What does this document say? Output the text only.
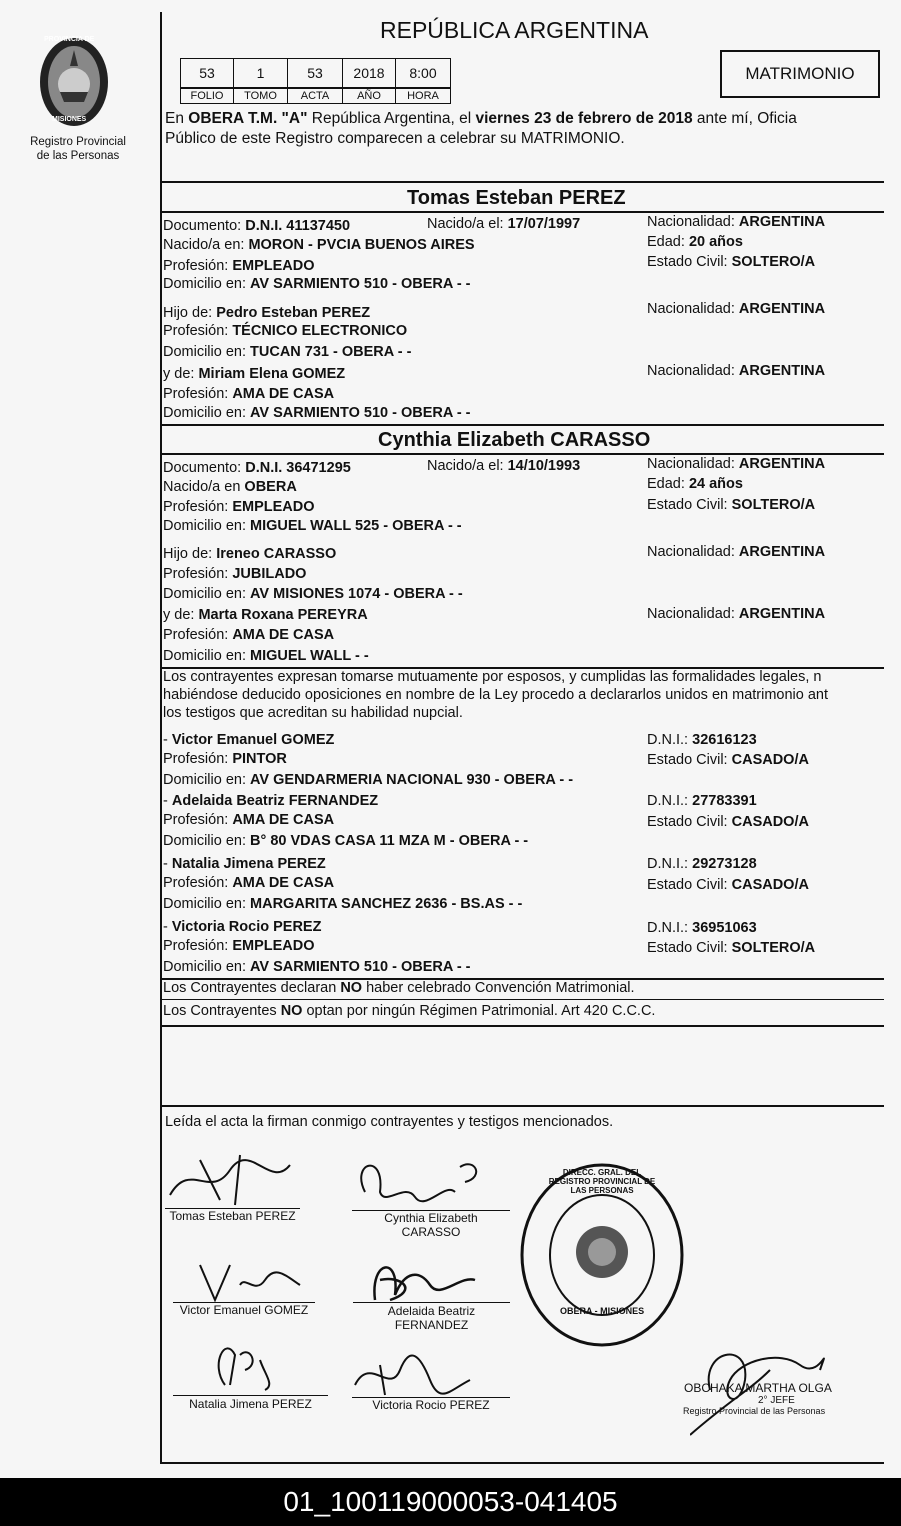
PROVINCIA DE
MISIONES
Registro Provincial
de las Personas
REPÚBLICA ARGENTINA
53	1	53	2018	8:00
FOLIO	TOMO	ACTA	AÑO	HORA
MATRIMONIO
En OBERA T.M. "A" República Argentina, el viernes 23 de febrero de 2018 ante mí, Oficia
Público de este Registro comparecen a celebrar su MATRIMONIO.
Tomas Esteban PEREZ
Documento: D.N.I. 41137450	Nacido/a el: 17/07/1997	Nacionalidad: ARGENTINA
Nacido/a en: MORON - PVCIA BUENOS AIRES	Edad: 20 años
Profesión: EMPLEADO	Estado Civil: SOLTERO/A
Domicilio en: AV SARMIENTO 510 - OBERA - -
Hijo de: Pedro Esteban PEREZ	Nacionalidad: ARGENTINA
Profesión: TÉCNICO ELECTRONICO
Domicilio en: TUCAN 731 - OBERA - -
y de: Miriam Elena GOMEZ	Nacionalidad: ARGENTINA
Profesión: AMA DE CASA
Domicilio en: AV SARMIENTO 510 - OBERA - -
Cynthia Elizabeth CARASSO
Documento: D.N.I. 36471295	Nacido/a el: 14/10/1993	Nacionalidad: ARGENTINA
Nacido/a en OBERA	Edad: 24 años
Profesión: EMPLEADO	Estado Civil: SOLTERO/A
Domicilio en: MIGUEL WALL 525 - OBERA - -
Hijo de: Ireneo CARASSO	Nacionalidad: ARGENTINA
Profesión: JUBILADO
Domicilio en: AV MISIONES 1074 - OBERA - -
y de: Marta Roxana PEREYRA	Nacionalidad: ARGENTINA
Profesión: AMA DE CASA
Domicilio en: MIGUEL WALL - -
Los contrayentes expresan tomarse mutuamente por esposos, y cumplidas las formalidades legales, n
habiéndose deducido oposiciones en nombre de la Ley procedo a declararlos unidos en matrimonio ant
los testigos que acreditan su habilidad nupcial.
- Victor Emanuel GOMEZ	D.N.I.: 32616123
Profesión: PINTOR	Estado Civil: CASADO/A
Domicilio en: AV GENDARMERIA NACIONAL 930 - OBERA - -
- Adelaida Beatriz FERNANDEZ	D.N.I.: 27783391
Profesión: AMA DE CASA	Estado Civil: CASADO/A
Domicilio en: B° 80 VDAS CASA 11 MZA M - OBERA - -
- Natalia Jimena PEREZ	D.N.I.: 29273128
Profesión: AMA DE CASA	Estado Civil: CASADO/A
Domicilio en: MARGARITA SANCHEZ 2636 - BS.AS - -
- Victoria Rocio PEREZ	D.N.I.: 36951063
Profesión: EMPLEADO	Estado Civil: SOLTERO/A
Domicilio en: AV SARMIENTO 510 - OBERA - -
Los Contrayentes declaran NO haber celebrado Convención Matrimonial.
Los Contrayentes NO optan por ningún Régimen Patrimonial. Art 420 C.C.C.
Leída el acta la firman conmigo contrayentes y testigos mencionados.
Tomas Esteban PEREZ	Cynthia Elizabeth
CARASSO
Victor Emanuel GOMEZ	Adelaida Beatriz
FERNANDEZ
Natalia Jimena PEREZ	Victoria Rocio PEREZ
DIRECC. GRAL. DEL REGISTRO PROVINCIAL DE LAS PERSONAS
OBERA - MISIONES
OBCHAKA MARTHA OLGA
2° JEFE
Registro Provincial de las Personas
01_100119000053-041405
